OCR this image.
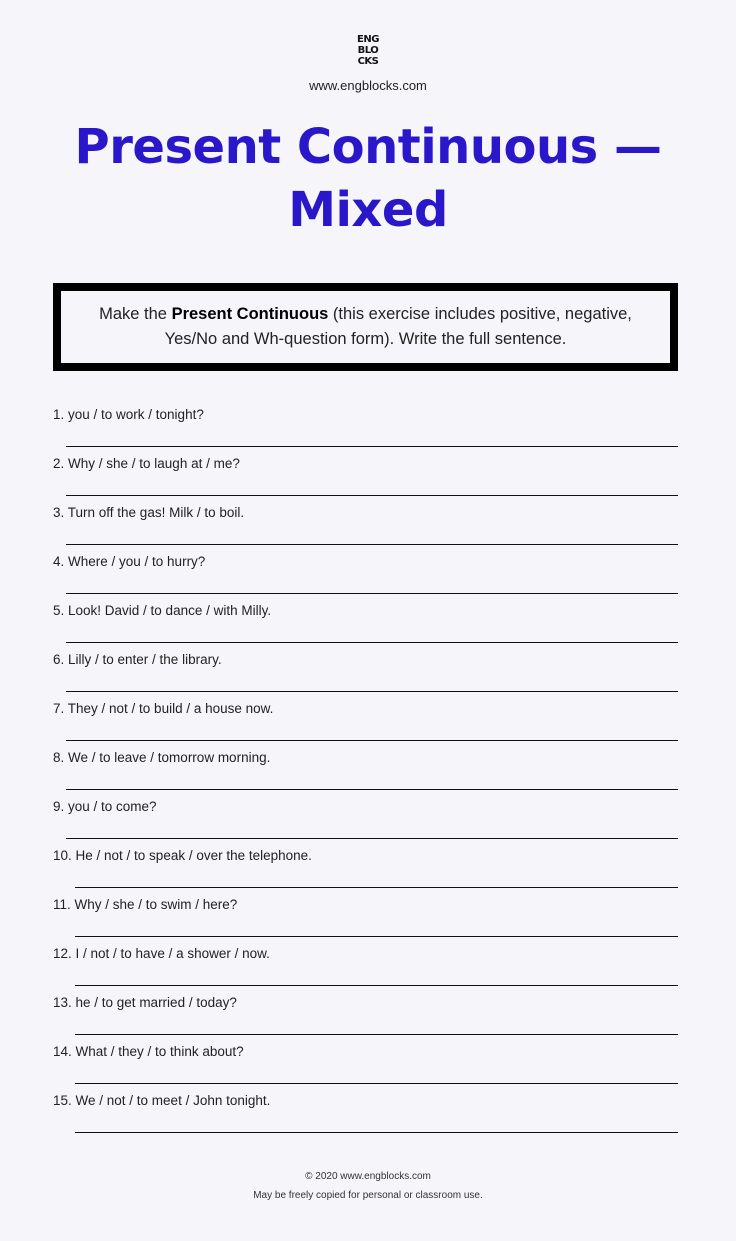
ENG
BLO
CKS
www.engblocks.com
Present Continuous —
Mixed
Make the Present Continuous (this exercise includes positive, negative, Yes/No and Wh-question form). Write the full sentence.
1. you / to work / tonight?
2. Why / she / to laugh at / me?
3. Turn off the gas! Milk / to boil.
4. Where / you / to hurry?
5. Look! David / to dance / with Milly.
6. Lilly / to enter / the library.
7. They / not / to build / a house now.
8. We / to leave / tomorrow morning.
9. you / to come?
10. He / not / to speak / over the telephone.
11. Why / she / to swim / here?
12. I / not / to have / a shower / now.
13. he / to get married / today?
14. What / they / to think about?
15. We / not / to meet / John tonight.
© 2020 www.engblocks.com
May be freely copied for personal or classroom use.
